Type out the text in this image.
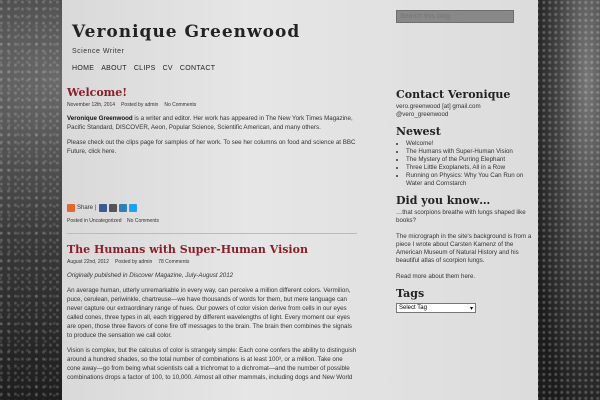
Veronique Greenwood
Science Writer
HOME ABOUT CLIPS CV CONTACT
Search this blog
Welcome!
November 12th, 2014 Posted by admin No Comments

Veronique Greenwood is a writer and editor. Her work has appeared in The New York Times Magazine, Pacific Standard, DISCOVER, Aeon, Popular Science, Scientific American, and many others.

Please check out the clips page for samples of her work. To see her columns on food and science at BBC Future, click here.

Share |
Posted in Uncategorized No Comments
The Humans with Super-Human Vision
August 22nd, 2012 Posted by admin 78 Comments

Originally published in Discover Magazine, July-August 2012

An average human, utterly unremarkable in every way, can perceive a million different colors. Vermilion, puce, cerulean, periwinkle, chartreuse—we have thousands of words for them, but mere language can never capture our extraordinary range of hues. Our powers of color vision derive from cells in our eyes called cones, three types in all, each triggered by different wavelengths of light. Every moment our eyes are open, those three flavors of cone fire off messages to the brain. The brain then combines the signals to produce the sensation we call color.

Vision is complex, but the calculus of color is strangely simple: Each cone confers the ability to distinguish around a hundred shades, so the total number of combinations is at least 100³, or a million. Take one cone away—go from being what scientists call a trichromat to a dichromat—and the number of possible combinations drops a factor of 100, to 10,000. Almost all other mammals, including dogs and New World

Contact Veronique

vero.greenwood [at] gmail.com

@vero_greenwood

Newest
• Welcome!
• The Humans with Super-Human Vision
• The Mystery of the Purring Elephant
• Three Little Exoplanets, All in a Row
• Running on Physics: Why You Can Run on Water and Cornstarch
Did you know…

…that scorpions breathe with lungs shaped like books?

The micrograph in the site's background is from a piece I wrote about Carsten Kamenz of the American Museum of Natural History and his beautiful atlas of scorpion lungs.

Read more about them here.

Tags
Select Tag	▾
